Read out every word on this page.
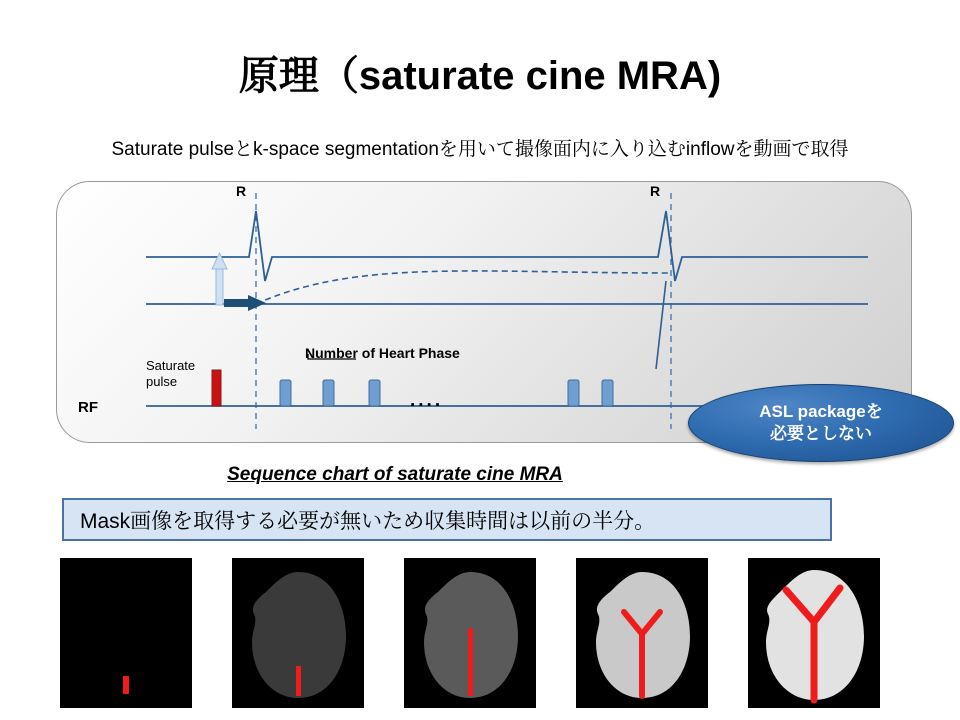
原理（saturate cine MRA)
Saturate pulseとk-space segmentationを用いて撮像面内に入り込むinflowを動画で取得
R	R
RF
Saturate
pulse
Number of Heart Phase
....
Sequence chart of saturate cine MRA
ASL packageを
必要としない
Mask画像を取得する必要が無いため収集時間は以前の半分。
